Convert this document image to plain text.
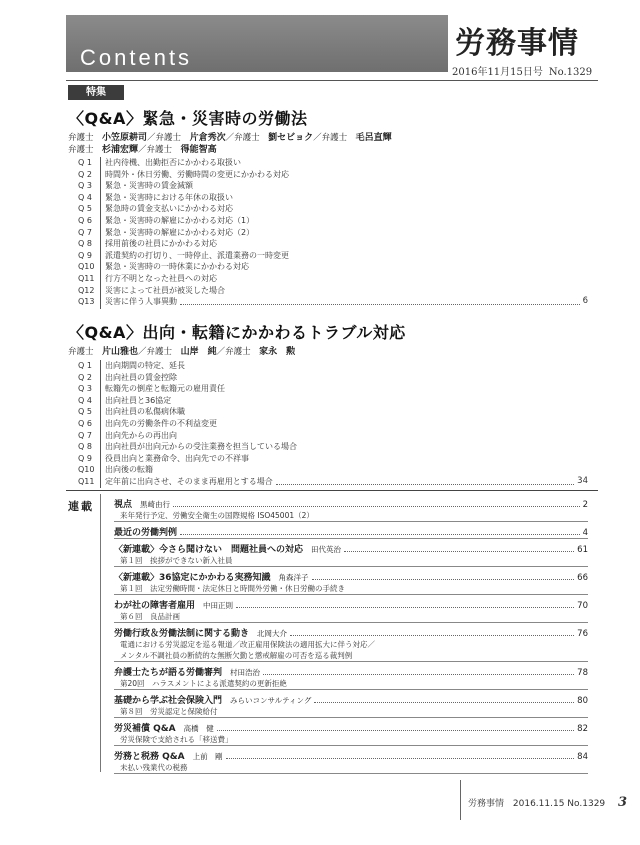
Contents	労務事情
2016年11月15日号 No.1329
特集
〈Q&A〉緊急・災害時の労働法
弁護士　小笠原耕司／弁護士　片倉秀次／弁護士　劉セビョク／弁護士　毛呂直輝
弁護士　杉浦宏輝／弁護士　得能智高
Q 1	社内待機、出勤拒否にかかわる取扱い
Q 2	時間外・休日労働、労働時間の変更にかかわる対応
Q 3	緊急・災害時の賃金減額
Q 4	緊急・災害時における年休の取扱い
Q 5	緊急時の賃金支払いにかかわる対応
Q 6	緊急・災害時の解雇にかかわる対応（1）
Q 7	緊急・災害時の解雇にかかわる対応（2）
Q 8	採用前後の社員にかかわる対応
Q 9	派遣契約の打切り、一時停止、派遣業務の一時変更
Q10	緊急・災害時の一時休業にかかわる対応
Q11	行方不明となった社員への対応
Q12	災害によって社員が被災した場合
Q13	災害に伴う人事異動	6
〈Q&A〉出向・転籍にかかわるトラブル対応
弁護士　片山雅也／弁護士　山岸　純／弁護士　家永　勲
Q 1	出向期間の特定、延長
Q 2	出向社員の賃金控除
Q 3	転籍先の倒産と転籍元の雇用責任
Q 4	出向社員と36協定
Q 5	出向社員の私傷病休職
Q 6	出向先の労働条件の不利益変更
Q 7	出向先からの再出向
Q 8	出向社員が出向元からの受注業務を担当している場合
Q 9	役員出向と業務命令、出向先での不祥事
Q10	出向後の転籍
Q11	定年前に出向させ、そのまま再雇用とする場合	34
連載 視点 黒崎由行	2
来年発行予定、労働安全衛生の国際規格 ISO45001（2）
最近の労働判例	4
〈新連載〉今さら聞けない　問題社員への対応 田代英治	61
第１回　挨拶ができない新入社員
〈新連載〉36協定にかかわる実務知識 角森洋子	66
第１回　法定労働時間・法定休日と時間外労働・休日労働の手続き
わが社の障害者雇用 中田正則	70
第６回　良品計画
労働行政＆労働法制に関する動き 北岡大介	76
電通における労災認定を巡る報道／改正雇用保険法の適用拡大に伴う対応／
メンタル不調社員の断続的な無断欠勤と懲戒解雇の可否を巡る裁判例
弁護士たちが語る労働審判 村田浩治	78
第20回　ハラスメントによる派遣契約の更新拒絶
基礎から学ぶ社会保険入門 みらいコンサルティング	80
第８回　労災認定と保険給付
労災補償 Q&A 高橋　健	82
労災保険で支給される「移送費」
労務と税務 Q&A 上前　剛	84
未払い残業代の税務
労務事情 2016.11.15 No.1329 3
